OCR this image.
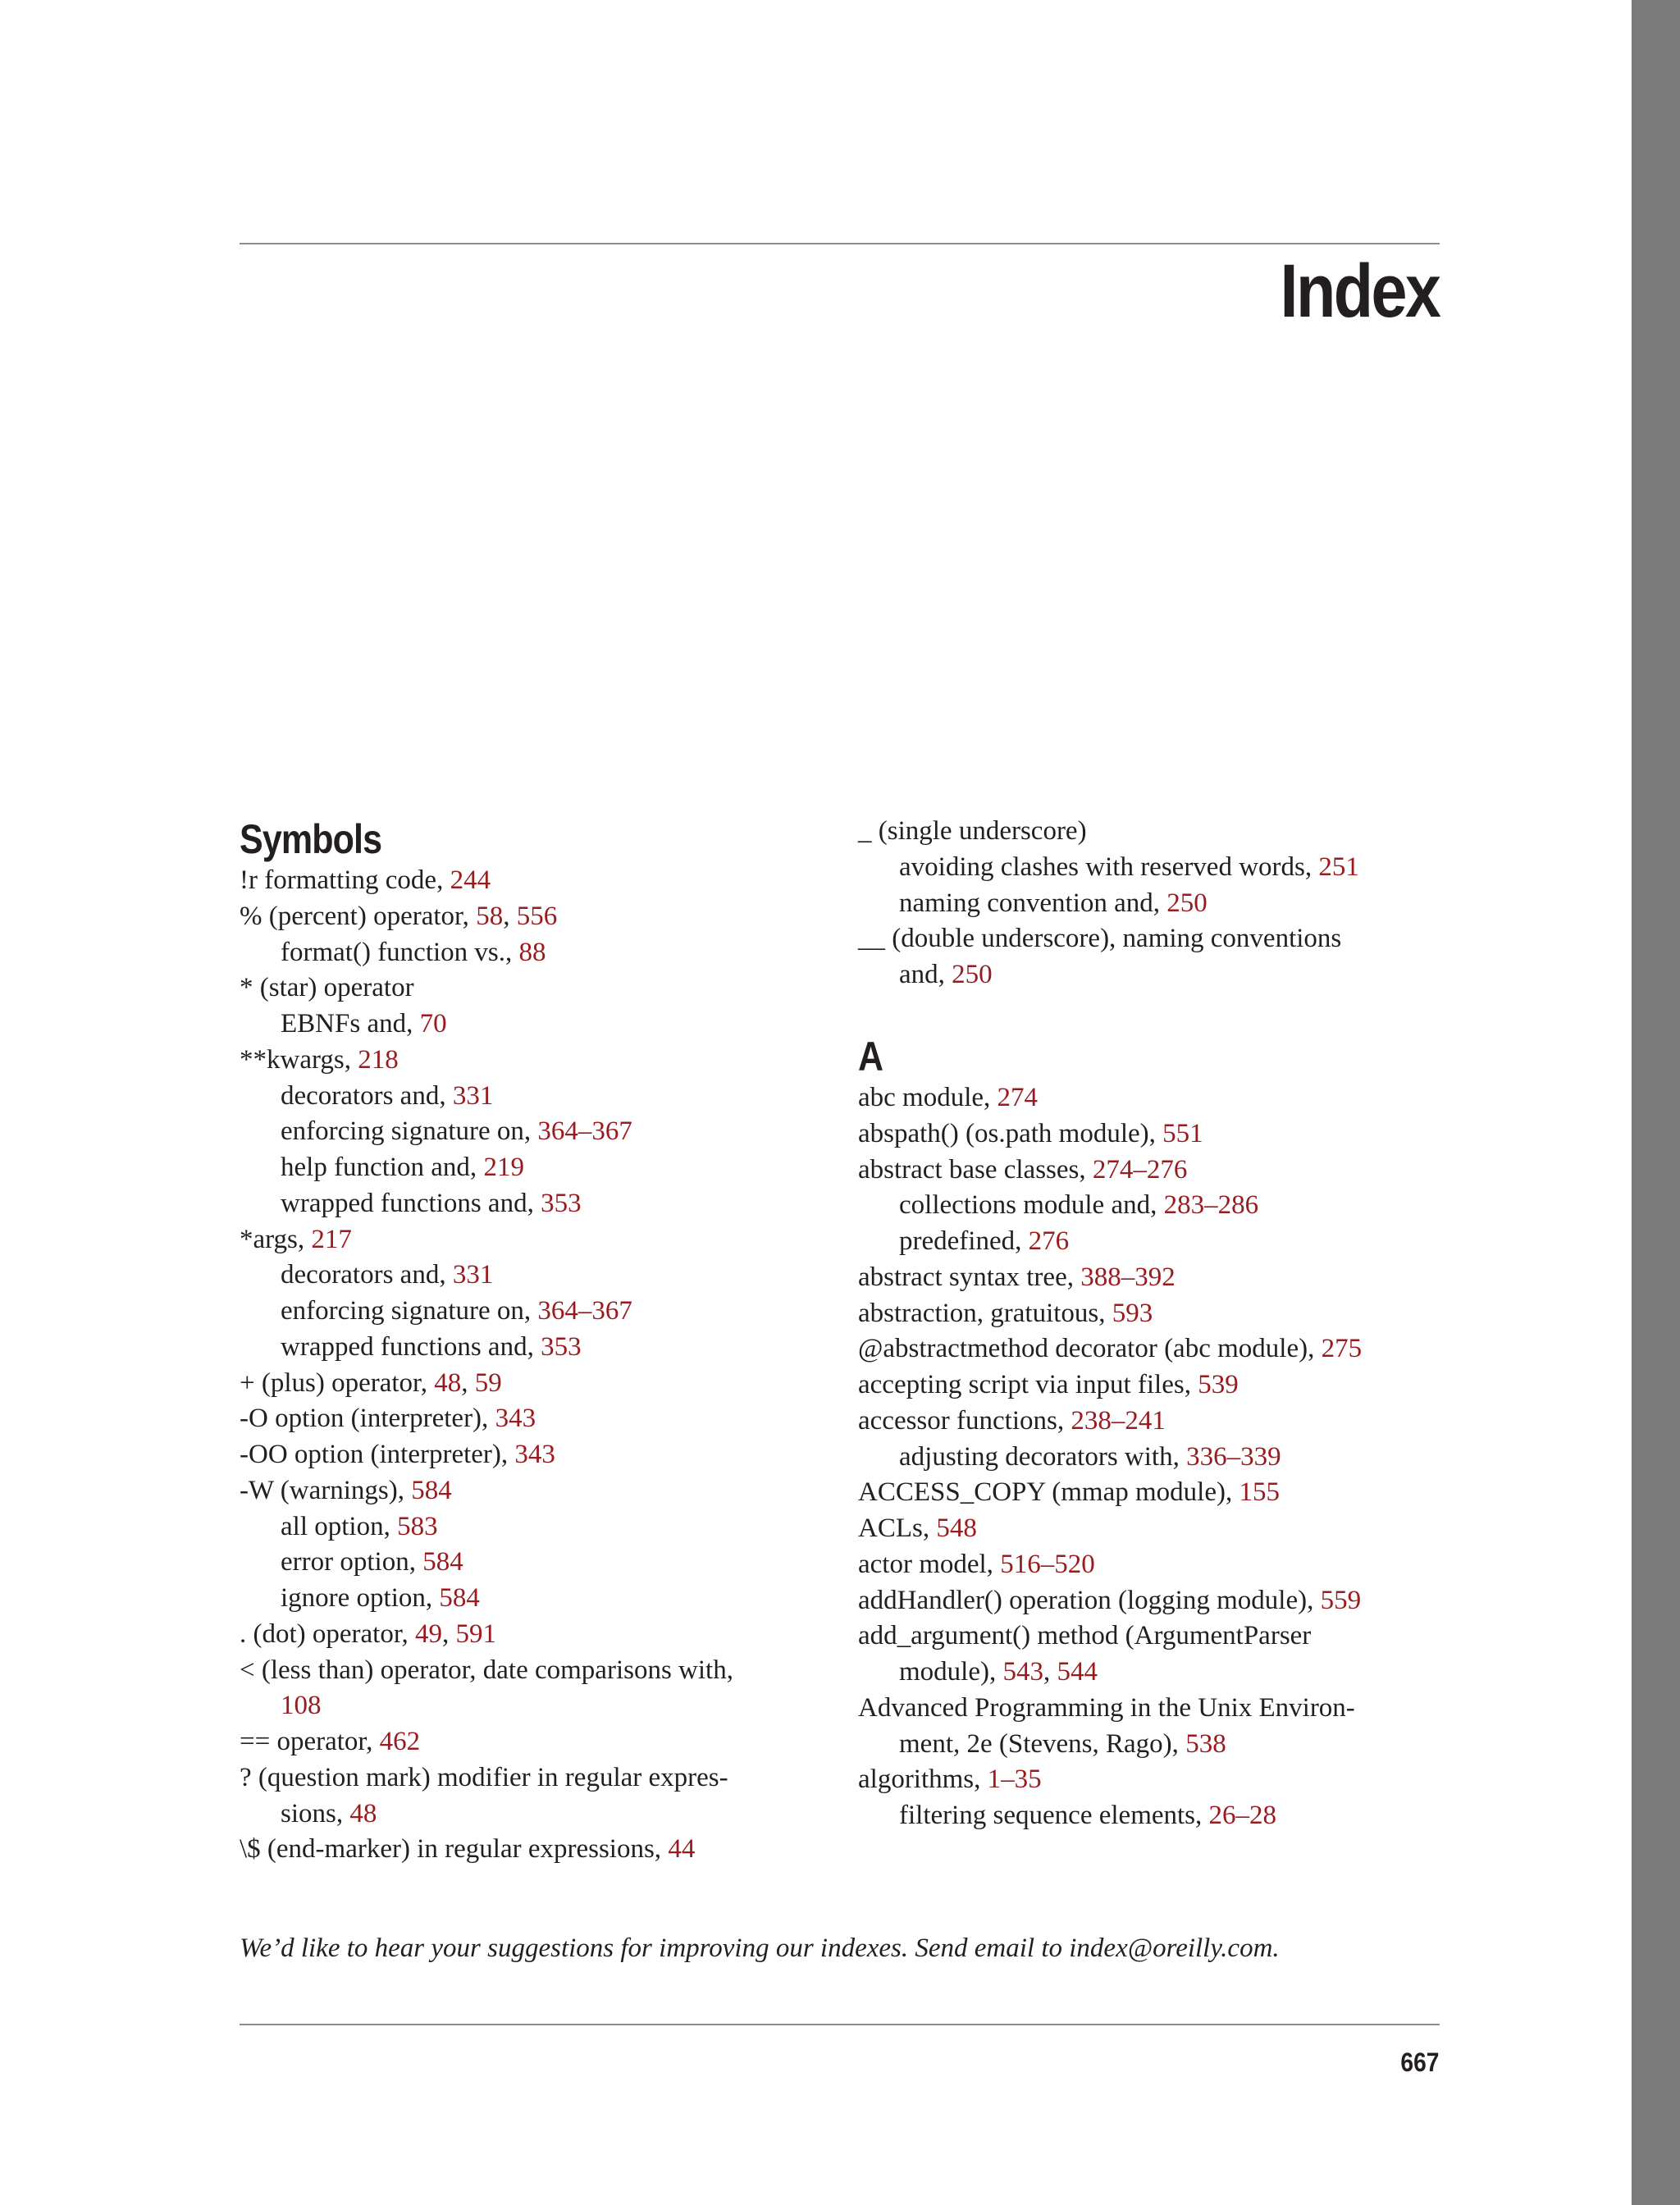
Index
Symbols
!r formatting code, 244
% (percent) operator, 58, 556
format() function vs., 88
* (star) operator
EBNFs and, 70
**kwargs, 218
decorators and, 331
enforcing signature on, 364–367
help function and, 219
wrapped functions and, 353
*args, 217
decorators and, 331
enforcing signature on, 364–367
wrapped functions and, 353
+ (plus) operator, 48, 59
-O option (interpreter), 343
-OO option (interpreter), 343
-W (warnings), 584
all option, 583
error option, 584
ignore option, 584
. (dot) operator, 49, 591
< (less than) operator, date comparisons with,
108
== operator, 462
? (question mark) modifier in regular expres-
sions, 48
\$ (end-marker) in regular expressions, 44
_ (single underscore)
avoiding clashes with reserved words, 251
naming convention and, 250
__ (double underscore), naming conventions
and, 250
A
abc module, 274
abspath() (os.path module), 551
abstract base classes, 274–276
collections module and, 283–286
predefined, 276
abstract syntax tree, 388–392
abstraction, gratuitous, 593
@abstractmethod decorator (abc module), 275
accepting script via input files, 539
accessor functions, 238–241
adjusting decorators with, 336–339
ACCESS_COPY (mmap module), 155
ACLs, 548
actor model, 516–520
addHandler() operation (logging module), 559
add_argument() method (ArgumentParser
module), 543, 544
Advanced Programming in the Unix Environ-
ment, 2e (Stevens, Rago), 538
algorithms, 1–35
filtering sequence elements, 26–28

We’d like to hear your suggestions for improving our indexes. Send email to index@oreilly.com.

667
